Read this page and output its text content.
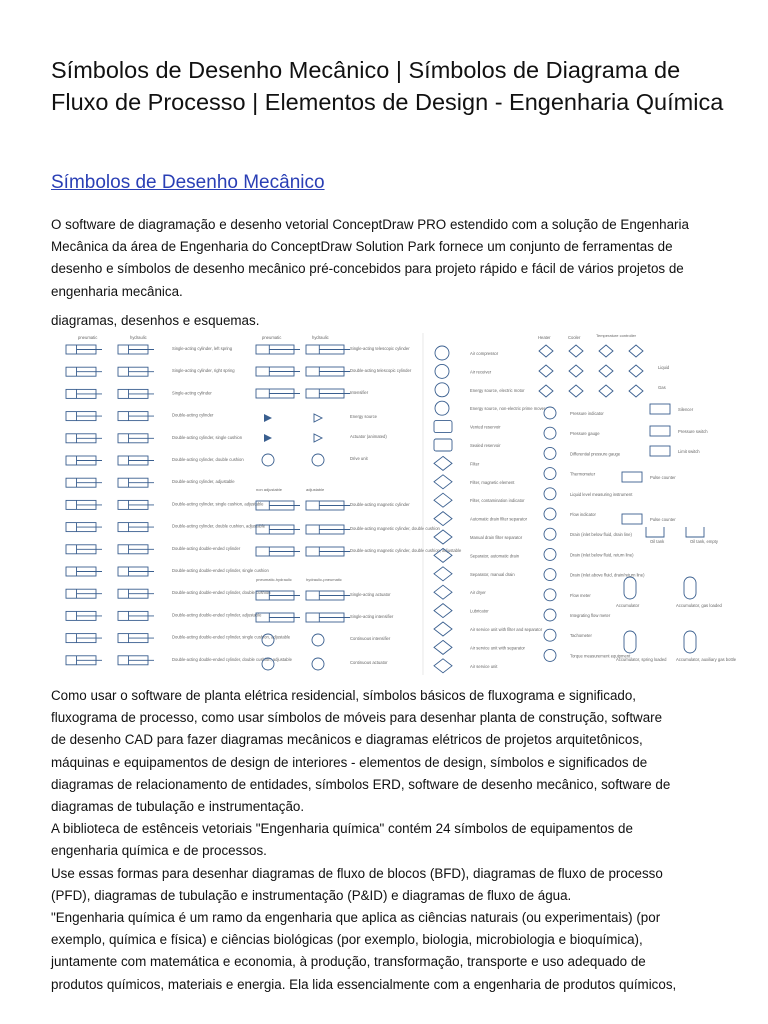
Símbolos de Desenho Mecânico | Símbolos de Diagrama de Fluxo de Processo | Elementos de Design - Engenharia Química
Símbolos de Desenho Mecânico

O software de diagramação e desenho vetorial ConceptDraw PRO estendido com a solução de Engenharia Mecânica da área de Engenharia do ConceptDraw Solution Park fornece um conjunto de ferramentas de desenho e símbolos de desenho mecânico pré-concebidos para projeto rápido e fácil de vários projetos de engenharia mecânica.

diagramas, desenhos e esquemas.

pneumatic	hydraulic
Single-acting cylinder, left spring
Single-acting cylinder, right spring
Single-acting cylinder
Double-acting cylinder
Double-acting cylinder, single cushion
Double-acting cylinder, double cushion
Double-acting cylinder, adjustable
Double-acting cylinder, single cushion, adjustable
Double-acting cylinder, double cushion, adjustable
Double-acting double-ended cylinder
Double-acting double-ended cylinder, single cushion
Double-acting double-ended cylinder, double cushion
Double-acting double-ended cylinder, adjustable
Double-acting double-ended cylinder, single cushion, adjustable
Double-acting double-ended cylinder, double cushion, adjustable
pneumatic	hydraulic
Single-acting telescopic cylinder
Double-acting telescopic cylinder
Intensifier
Energy source
Actuator (animated)
Drive unit
Double-acting magnetic cylinder
Double-acting magnetic cylinder, double cushion
Double-acting magnetic cylinder, double cushion, adjustable
Single-acting actuator
Single-acting intensifier
Continuous intensifier
Continuous actuator
non adjustable	adjustable
pneumatic-hydraulic	hydraulic-pneumatic
Air compressor
Air receiver
Energy source, electric motor
Energy source, non-electric prime mover
Vented reservoir
Sealed reservoir
Filter
Filter, magnetic element
Filter, contamination indicator
Automatic drain filter separator
Manual drain filter separator
Separator, automatic drain
Separator, manual drain
Air dryer
Lubricator
Air service unit with filter and separator
Air service unit with separator
Air service unit
Heater	Cooler	Temperature controller
Pressure indicator
Pressure gauge
Differential pressure gauge
Thermometer
Liquid level measuring instrument
Flow indicator
Drain (inlet below fluid, drain line)
Drain (inlet below fluid, return line)
Drain (inlet above fluid, drain/return line)
Flow meter
Integrating flow meter
Tachometer
Torque measurement equipment
Liquid
Gas
Silencer
Pressure switch
Limit switch
Pulse counter
Pulse counter
Oil tank	Oil tank, empty
Accumulator	Accumulator, gas loaded
Accumulator, spring loaded Accumulator, auxiliary gas bottle
Como usar o software de planta elétrica residencial, símbolos básicos de fluxograma e significado,
fluxograma de processo, como usar símbolos de móveis para desenhar planta de construção, software
de desenho CAD para fazer diagramas mecânicos e diagramas elétricos de projetos arquitetônicos,
máquinas e equipamentos de design de interiores - elementos de design, símbolos e significados de
diagramas de relacionamento de entidades, símbolos ERD, software de desenho mecânico, software de
diagramas de tubulação e instrumentação.
A biblioteca de estênceis vetoriais "Engenharia química" contém 24 símbolos de equipamentos de
engenharia química e de processos.
Use essas formas para desenhar diagramas de fluxo de blocos (BFD), diagramas de fluxo de processo
(PFD), diagramas de tubulação e instrumentação (P&ID) e diagramas de fluxo de água.
"Engenharia química é um ramo da engenharia que aplica as ciências naturais (ou experimentais) (por
exemplo, química e física) e ciências biológicas (por exemplo, biologia, microbiologia e bioquímica),
juntamente com matemática e economia, à produção, transformação, transporte e uso adequado de
produtos químicos, materiais e energia. Ela lida essencialmente com a engenharia de produtos químicos,
